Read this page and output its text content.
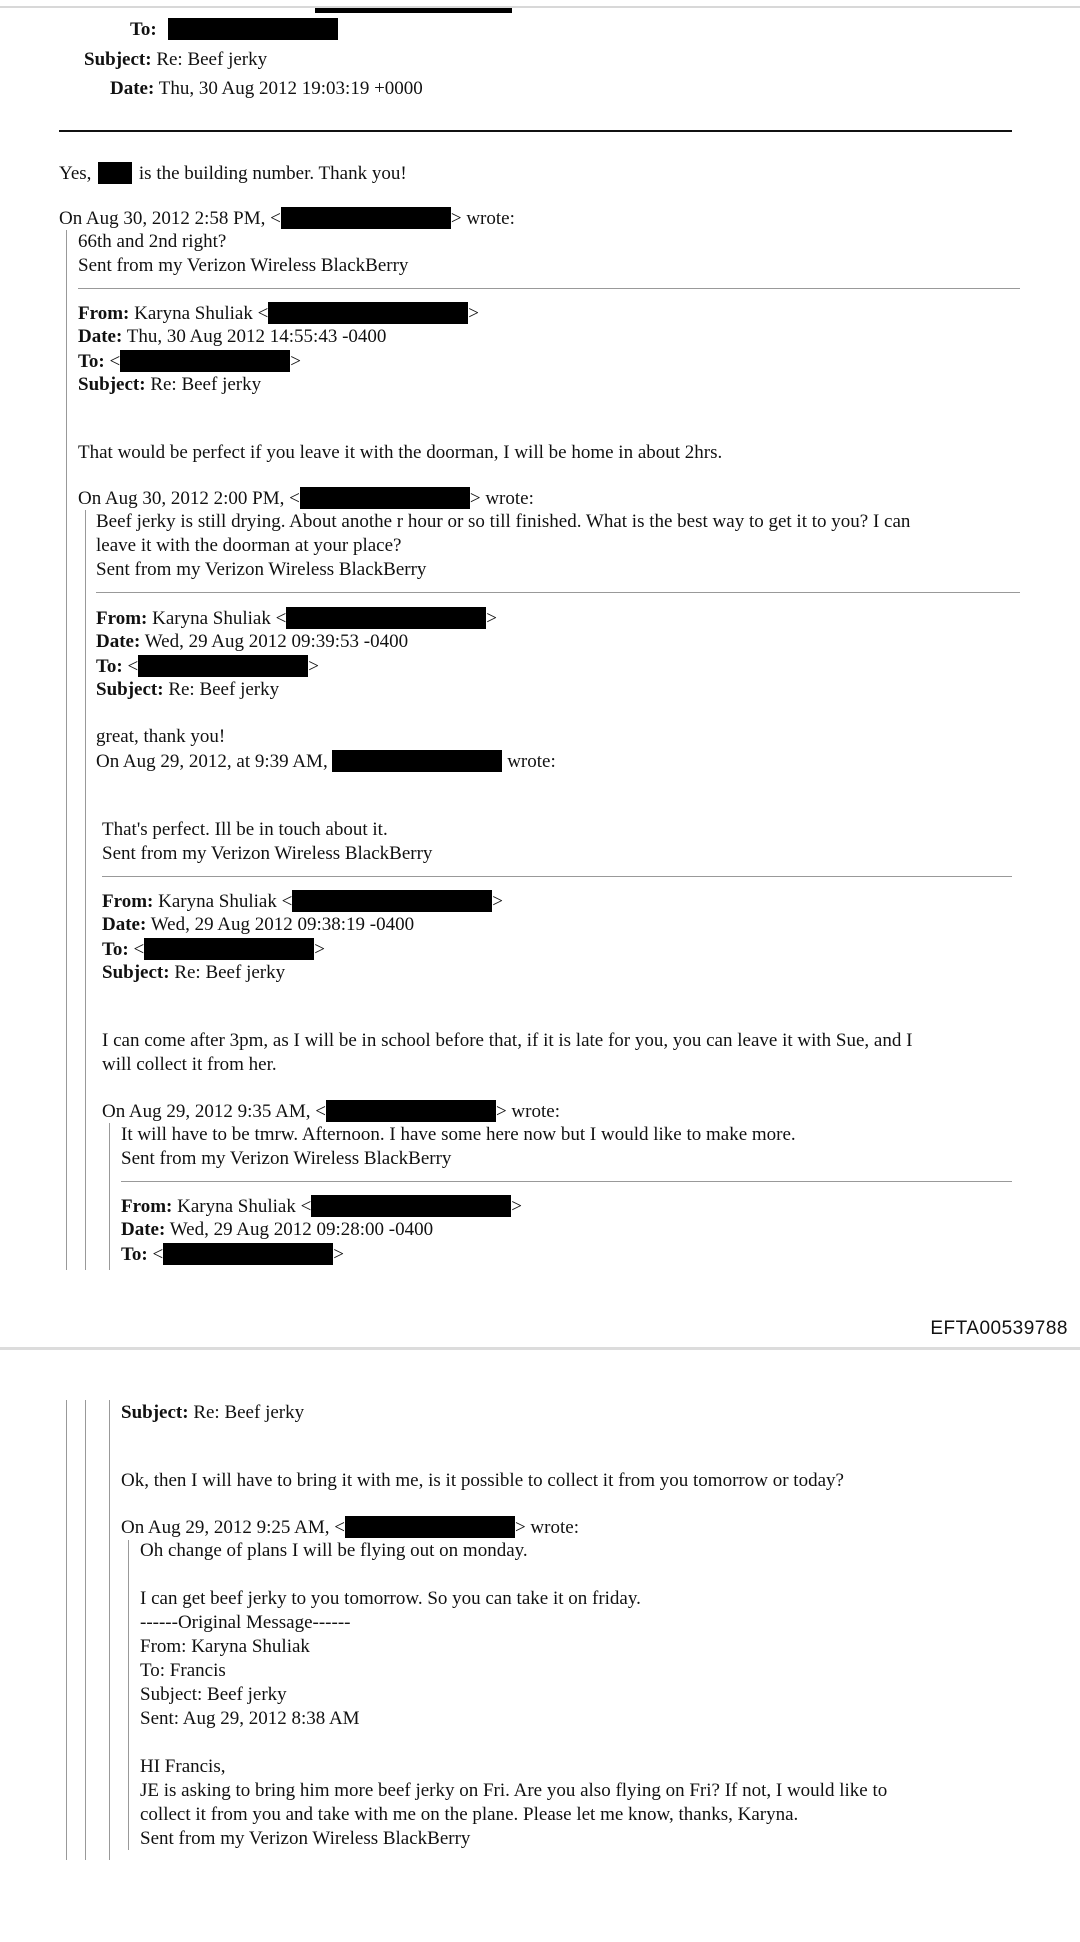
To:
Subject: Re: Beef jerky
Date: Thu, 30 Aug 2012 19:03:19 +0000
Yes,	is the building number. Thank you!
On Aug 30, 2012 2:58 PM, <	> wrote:
66th and 2nd right?
Sent from my Verizon Wireless BlackBerry
From: Karyna Shuliak <	>
Date: Thu, 30 Aug 2012 14:55:43 -0400
To: <	>
Subject: Re: Beef jerky
That would be perfect if you leave it with the doorman, I will be home in about 2hrs.
On Aug 30, 2012 2:00 PM, <	> wrote:
Beef jerky is still drying. About anothe r hour or so till finished. What is the best way to get it to you? I can
leave it with the doorman at your place?
Sent from my Verizon Wireless BlackBerry
From: Karyna Shuliak <	>
Date: Wed, 29 Aug 2012 09:39:53 -0400
To: <	>
Subject: Re: Beef jerky
great, thank you!
On Aug 29, 2012, at 9:39 AM,	wrote:
That's perfect. Ill be in touch about it.
Sent from my Verizon Wireless BlackBerry
From: Karyna Shuliak <	>
Date: Wed, 29 Aug 2012 09:38:19 -0400
To: <	>
Subject: Re: Beef jerky
I can come after 3pm, as I will be in school before that, if it is late for you, you can leave it with Sue, and I
will collect it from her.
On Aug 29, 2012 9:35 AM, <	> wrote:
It will have to be tmrw. Afternoon. I have some here now but I would like to make more.
Sent from my Verizon Wireless BlackBerry
From: Karyna Shuliak <	>
Date: Wed, 29 Aug 2012 09:28:00 -0400
To: <	>
EFTA00539788
Subject: Re: Beef jerky
Ok, then I will have to bring it with me, is it possible to collect it from you tomorrow or today?
On Aug 29, 2012 9:25 AM, <	> wrote:
Oh change of plans I will be flying out on monday.
I can get beef jerky to you tomorrow. So you can take it on friday.
------Original Message------
From: Karyna Shuliak
To: Francis
Subject: Beef jerky
Sent: Aug 29, 2012 8:38 AM
HI Francis,
JE is asking to bring him more beef jerky on Fri. Are you also flying on Fri? If not, I would like to
collect it from you and take with me on the plane. Please let me know, thanks, Karyna.
Sent from my Verizon Wireless BlackBerry
